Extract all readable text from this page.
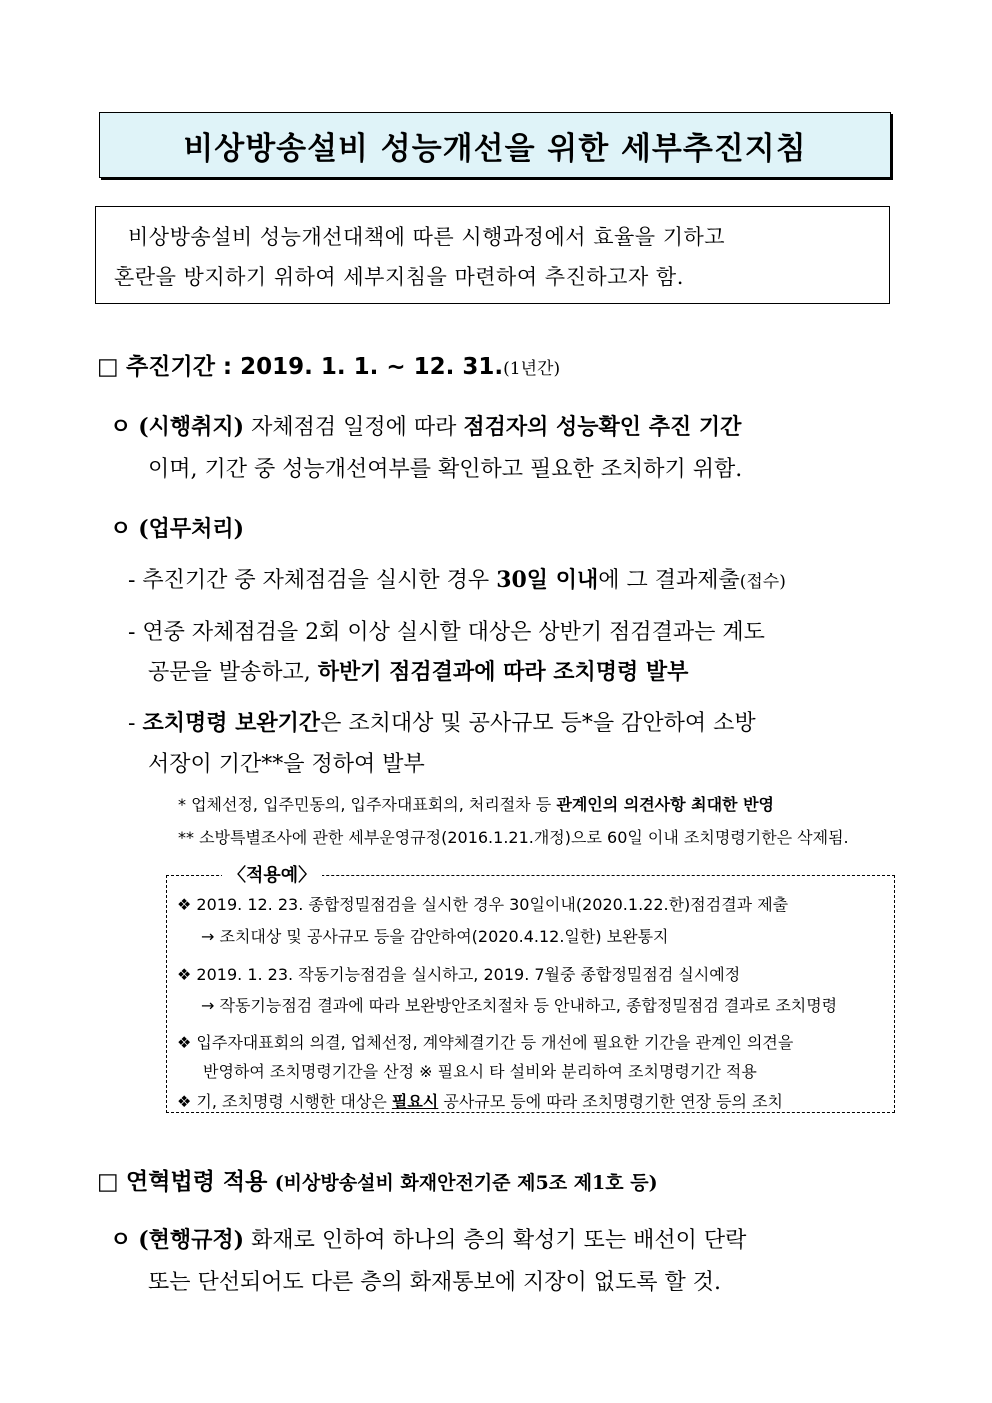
비상방송설비 성능개선을 위한 세부추진지침
비상방송설비 성능개선대책에 따른 시행과정에서 효율을 기하고
혼란을 방지하기 위하여 세부지침을 마련하여 추진하고자 함.
□ 추진기간 : 2019. 1. 1. ~ 12. 31.(1년간)
ㅇ (시행취지) 자체점검 일정에 따라 점검자의 성능확인 추진 기간
이며, 기간 중 성능개선여부를 확인하고 필요한 조치하기 위함.
ㅇ (업무처리)
- 추진기간 중 자체점검을 실시한 경우 30일 이내에 그 결과제출(접수)
- 연중 자체점검을 2회 이상 실시할 대상은 상반기 점검결과는 계도
공문을 발송하고, 하반기 점검결과에 따라 조치명령 발부
- 조치명령 보완기간은 조치대상 및 공사규모 등*을 감안하여 소방
서장이 기간**을 정하여 발부
* 업체선정, 입주민동의, 입주자대표회의, 처리절차 등 관계인의 의견사항 최대한 반영
** 소방특별조사에 관한 세부운영규정(2016.1.21.개정)으로 60일 이내 조치명령기한은 삭제됨.
❖ 2019. 12. 23. 종합정밀점검을 실시한 경우 30일이내(2020.1.22.한)점검결과 제출
→ 조치대상 및 공사규모 등을 감안하여(2020.4.12.일한) 보완통지
❖ 2019. 1. 23. 작동기능점검을 실시하고, 2019. 7월중 종합정밀점검 실시예정
→ 작동기능점검 결과에 따라 보완방안조치절차 등 안내하고, 종합정밀점검 결과로 조치명령
❖ 입주자대표회의 의결, 업체선정, 계약체결기간 등 개선에 필요한 기간을 관계인 의견을
반영하여 조치명령기간을 산정 ※ 필요시 타 설비와 분리하여 조치명령기간 적용
❖ 기, 조치명령 시행한 대상은 필요시 공사규모 등에 따라 조치명령기한 연장 등의 조치
〈적용예〉
□ 연혁법령 적용 (비상방송설비 화재안전기준 제5조 제1호 등)
ㅇ (현행규정) 화재로 인하여 하나의 층의 확성기 또는 배선이 단락
또는 단선되어도 다른 층의 화재통보에 지장이 없도록 할 것.
